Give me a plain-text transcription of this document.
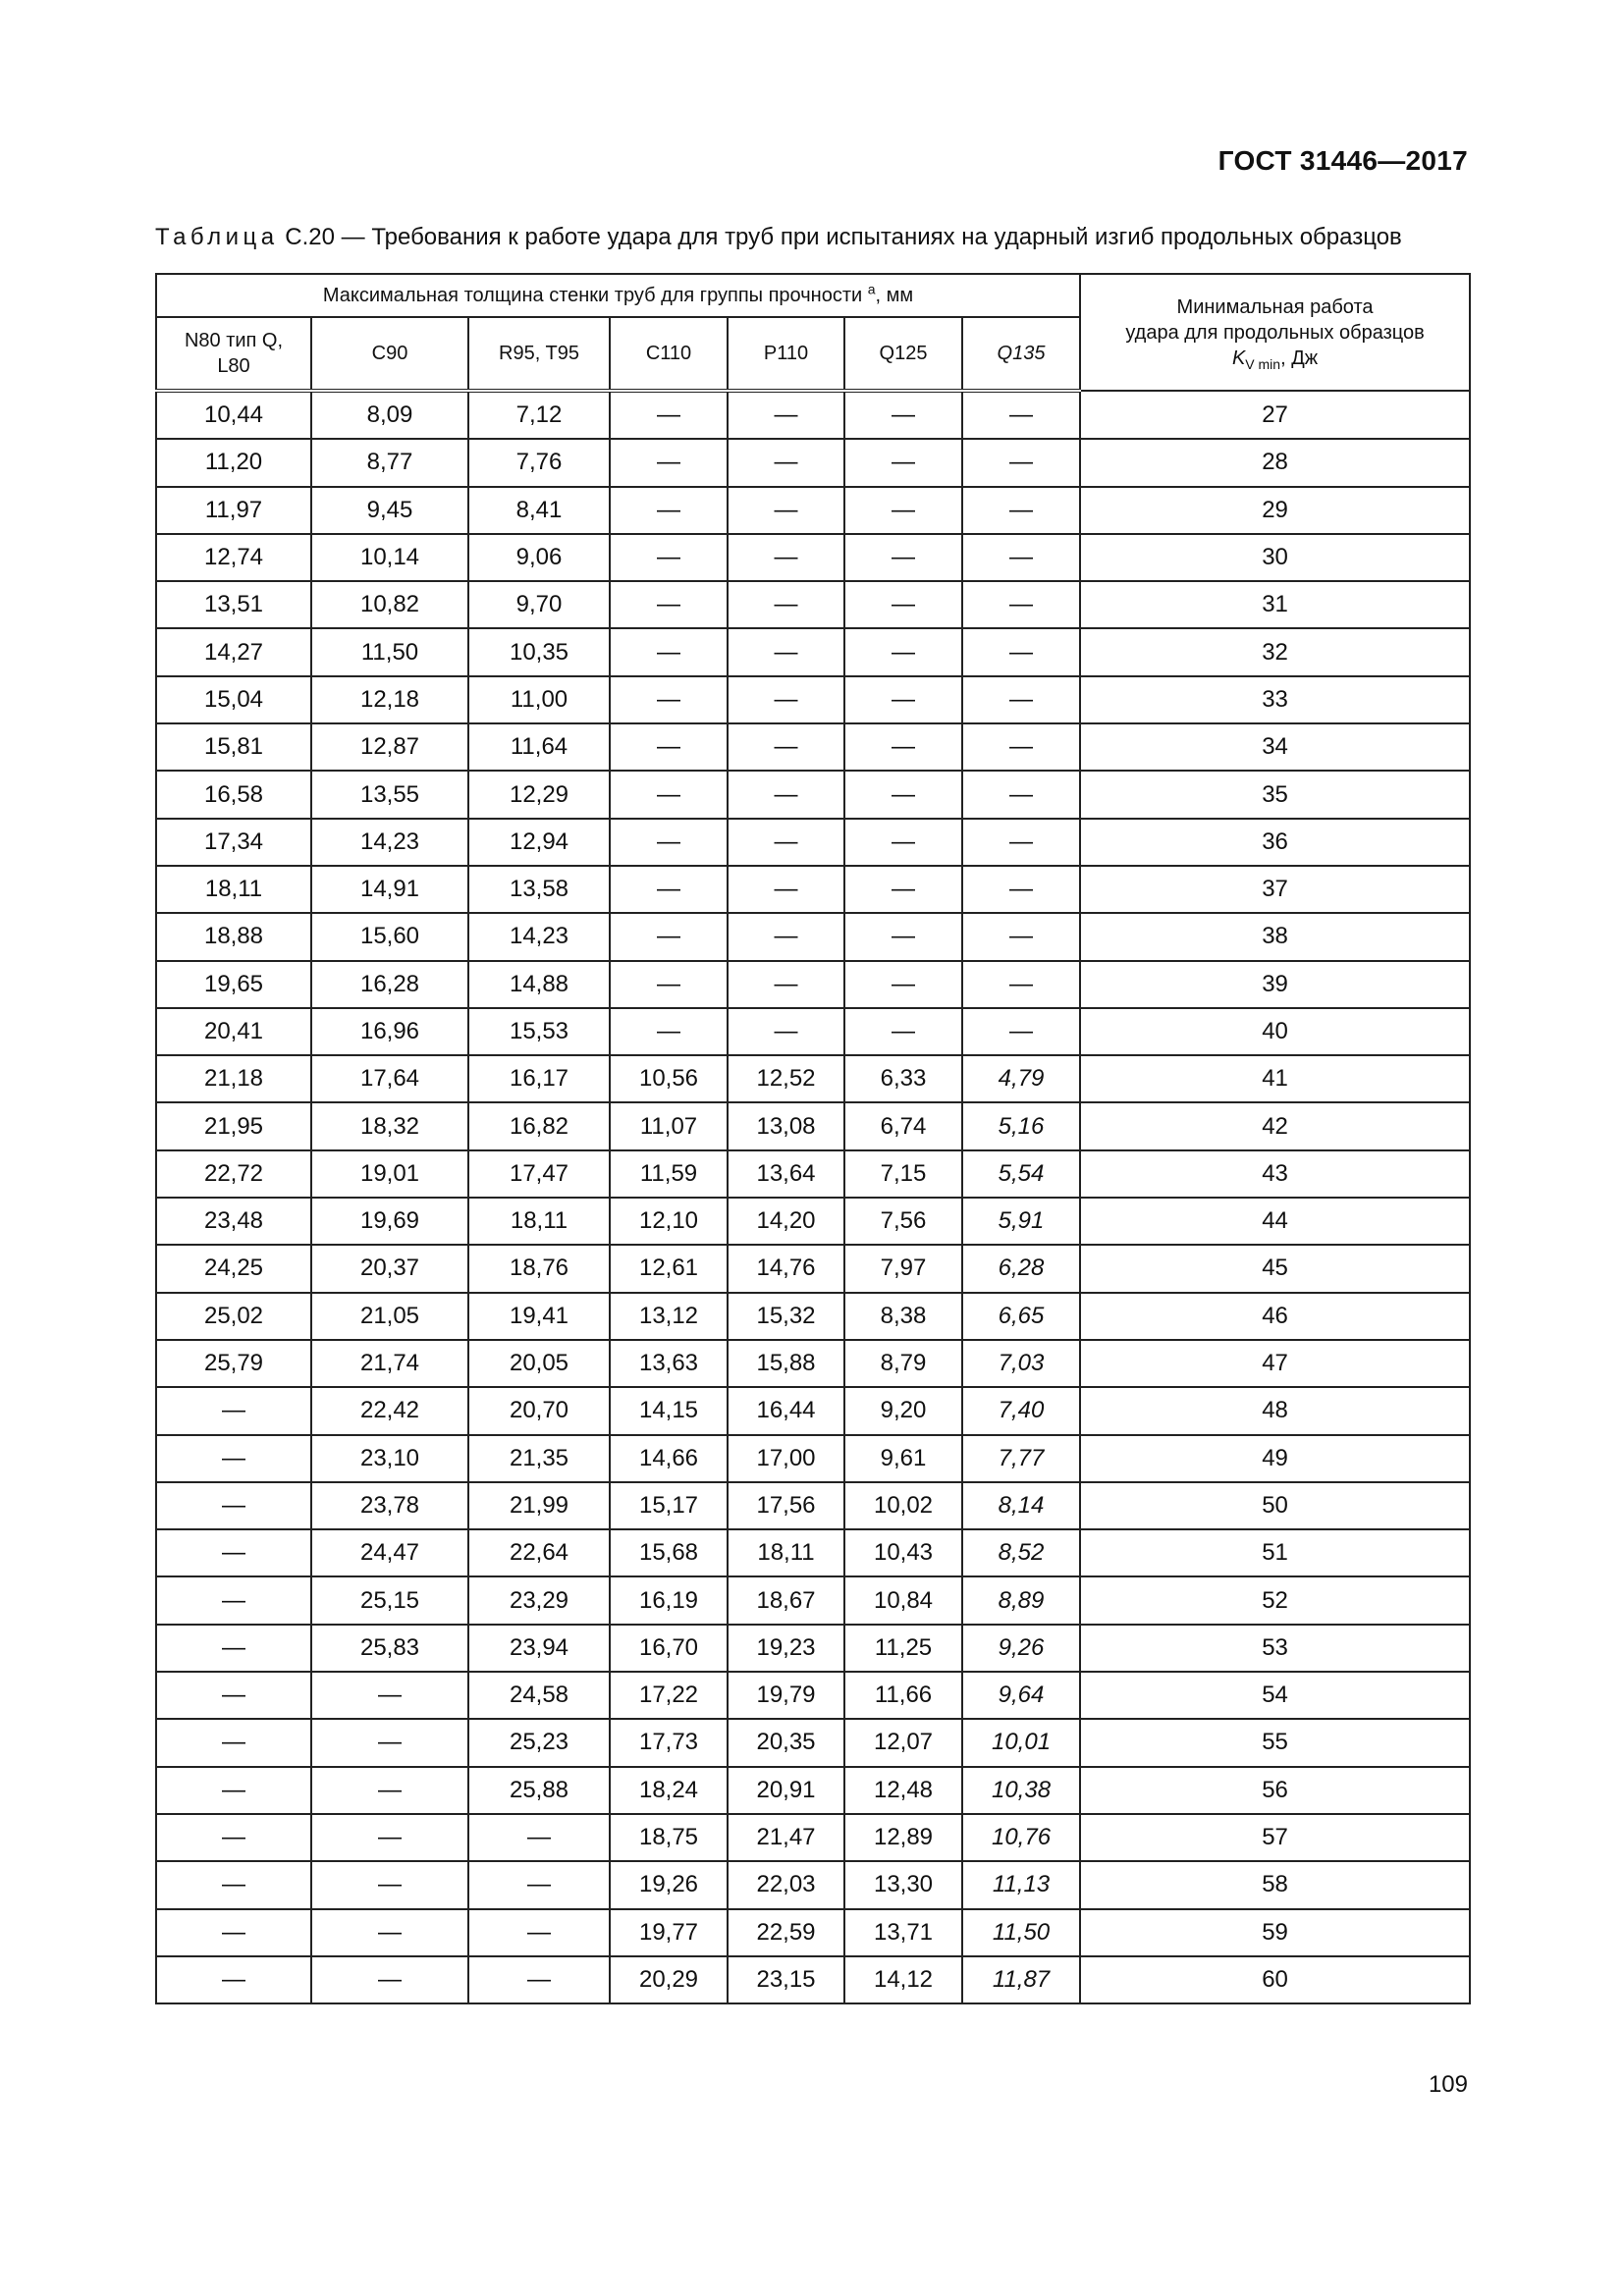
ГОСТ 31446—2017
Таблица С.20 — Требования к работе удара для труб при испытаниях на ударный изгиб продольных образцов
Максимальная толщина стенки труб для группы прочности $^a$, мм							Минимальная работа
удара для продольных образцов
$K_{V min}$, Дж
N80 тип Q, L80	C90	R95, T95	C110	P110	Q125	Q135	
10,44	8,09	7,12	—	—	—	—	27
11,20	8,77	7,76	—	—	—	—	28
11,97	9,45	8,41	—	—	—	—	29
12,74	10,14	9,06	—	—	—	—	30
13,51	10,82	9,70	—	—	—	—	31
14,27	11,50	10,35	—	—	—	—	32
15,04	12,18	11,00	—	—	—	—	33
15,81	12,87	11,64	—	—	—	—	34
16,58	13,55	12,29	—	—	—	—	35
17,34	14,23	12,94	—	—	—	—	36
18,11	14,91	13,58	—	—	—	—	37
18,88	15,60	14,23	—	—	—	—	38
19,65	16,28	14,88	—	—	—	—	39
20,41	16,96	15,53	—	—	—	—	40
21,18	17,64	16,17	10,56	12,52	6,33	4,79	41
21,95	18,32	16,82	11,07	13,08	6,74	5,16	42
22,72	19,01	17,47	11,59	13,64	7,15	5,54	43
23,48	19,69	18,11	12,10	14,20	7,56	5,91	44
24,25	20,37	18,76	12,61	14,76	7,97	6,28	45
25,02	21,05	19,41	13,12	15,32	8,38	6,65	46
25,79	21,74	20,05	13,63	15,88	8,79	7,03	47
—	22,42	20,70	14,15	16,44	9,20	7,40	48
—	23,10	21,35	14,66	17,00	9,61	7,77	49
—	23,78	21,99	15,17	17,56	10,02	8,14	50
—	24,47	22,64	15,68	18,11	10,43	8,52	51
—	25,15	23,29	16,19	18,67	10,84	8,89	52
—	25,83	23,94	16,70	19,23	11,25	9,26	53
—	—	24,58	17,22	19,79	11,66	9,64	54
—	—	25,23	17,73	20,35	12,07	10,01	55
—	—	25,88	18,24	20,91	12,48	10,38	56
—	—	—	18,75	21,47	12,89	10,76	57
—	—	—	19,26	22,03	13,30	11,13	58
—	—	—	19,77	22,59	13,71	11,50	59
—	—	—	20,29	23,15	14,12	11,87	60
109
